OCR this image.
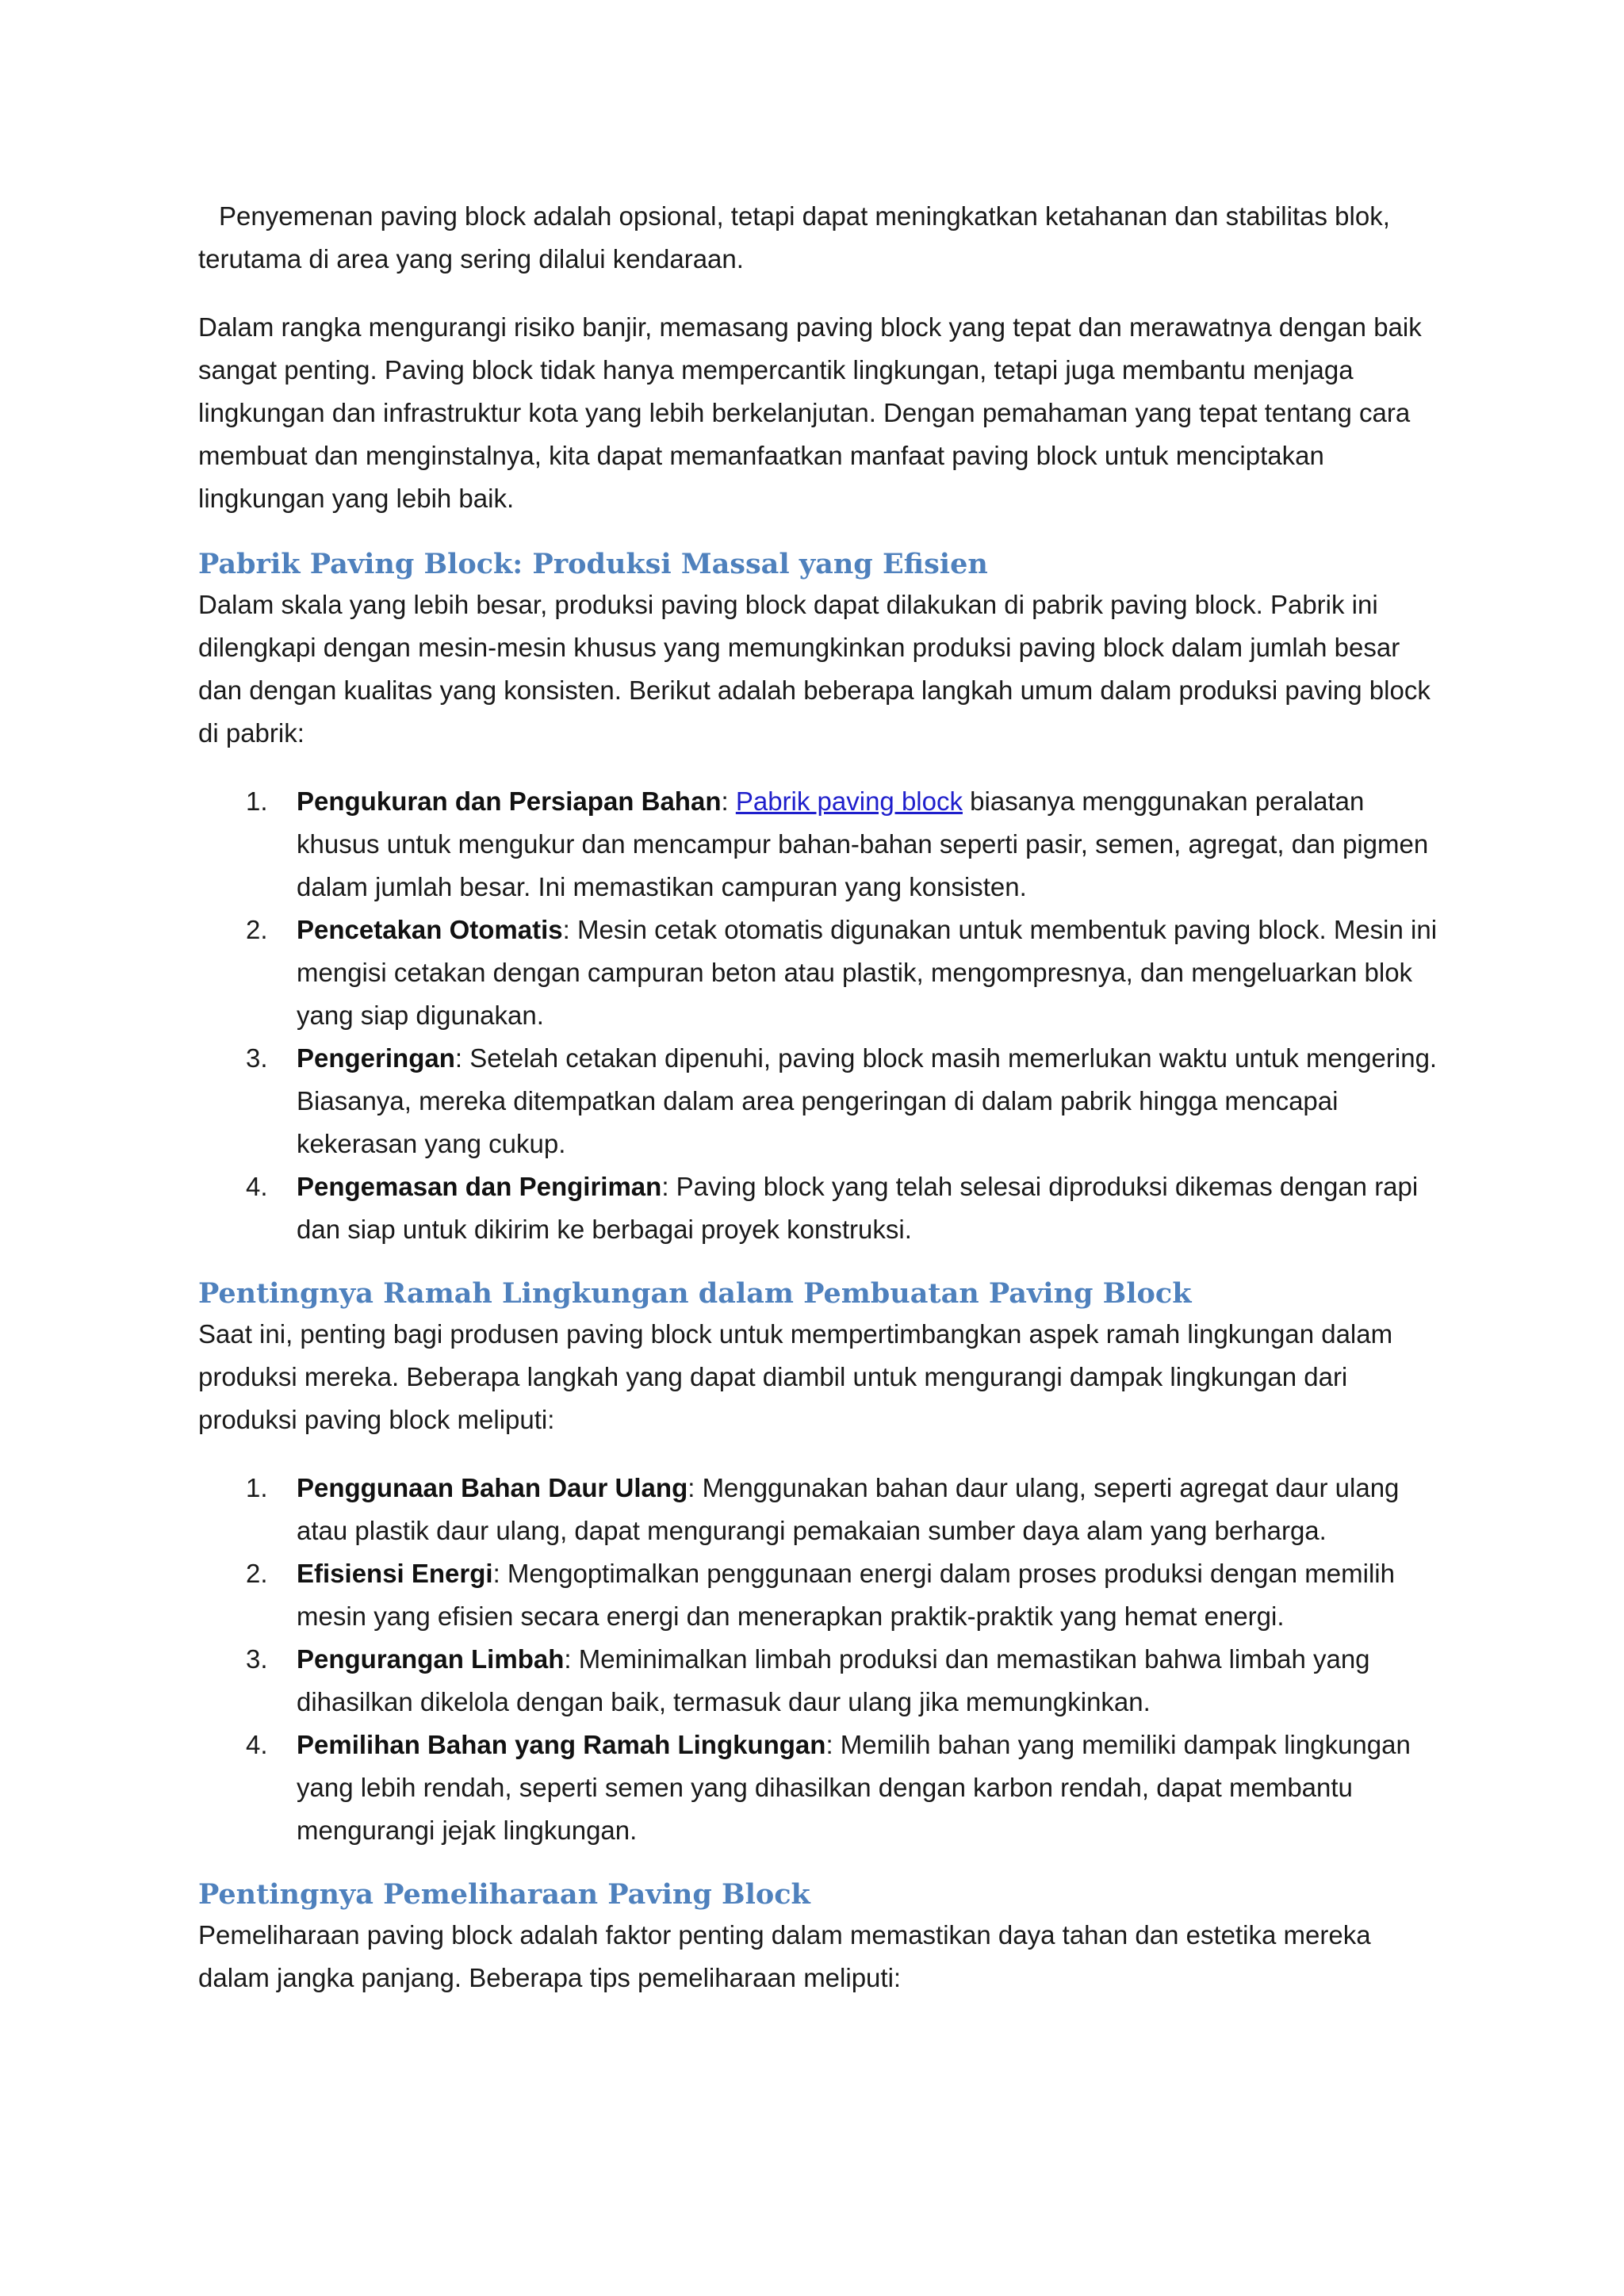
Penyemenan paving block adalah opsional, tetapi dapat meningkatkan ketahanan dan stabilitas blok, terutama di area yang sering dilalui kendaraan.

Dalam rangka mengurangi risiko banjir, memasang paving block yang tepat dan merawatnya dengan baik sangat penting. Paving block tidak hanya mempercantik lingkungan, tetapi juga membantu menjaga lingkungan dan infrastruktur kota yang lebih berkelanjutan. Dengan pemahaman yang tepat tentang cara membuat dan menginstalnya, kita dapat memanfaatkan manfaat paving block untuk menciptakan lingkungan yang lebih baik.

Pabrik Paving Block: Produksi Massal yang Efisien

Dalam skala yang lebih besar, produksi paving block dapat dilakukan di pabrik paving block. Pabrik ini dilengkapi dengan mesin-mesin khusus yang memungkinkan produksi paving block dalam jumlah besar dan dengan kualitas yang konsisten. Berikut adalah beberapa langkah umum dalam produksi paving block di pabrik:

1. Pengukuran dan Persiapan Bahan: Pabrik paving block biasanya menggunakan peralatan khusus untuk mengukur dan mencampur bahan-bahan seperti pasir, semen, agregat, dan pigmen dalam jumlah besar. Ini memastikan campuran yang konsisten.
2. Pencetakan Otomatis: Mesin cetak otomatis digunakan untuk membentuk paving block. Mesin ini mengisi cetakan dengan campuran beton atau plastik, mengompresnya, dan mengeluarkan blok yang siap digunakan.
3. Pengeringan: Setelah cetakan dipenuhi, paving block masih memerlukan waktu untuk mengering. Biasanya, mereka ditempatkan dalam area pengeringan di dalam pabrik hingga mencapai kekerasan yang cukup.
4. Pengemasan dan Pengiriman: Paving block yang telah selesai diproduksi dikemas dengan rapi dan siap untuk dikirim ke berbagai proyek konstruksi.
Pentingnya Ramah Lingkungan dalam Pembuatan Paving Block

Saat ini, penting bagi produsen paving block untuk mempertimbangkan aspek ramah lingkungan dalam produksi mereka. Beberapa langkah yang dapat diambil untuk mengurangi dampak lingkungan dari produksi paving block meliputi:

1. Penggunaan Bahan Daur Ulang: Menggunakan bahan daur ulang, seperti agregat daur ulang atau plastik daur ulang, dapat mengurangi pemakaian sumber daya alam yang berharga.
2. Efisiensi Energi: Mengoptimalkan penggunaan energi dalam proses produksi dengan memilih mesin yang efisien secara energi dan menerapkan praktik-praktik yang hemat energi.
3. Pengurangan Limbah: Meminimalkan limbah produksi dan memastikan bahwa limbah yang dihasilkan dikelola dengan baik, termasuk daur ulang jika memungkinkan.
4. Pemilihan Bahan yang Ramah Lingkungan: Memilih bahan yang memiliki dampak lingkungan yang lebih rendah, seperti semen yang dihasilkan dengan karbon rendah, dapat membantu mengurangi jejak lingkungan.
Pentingnya Pemeliharaan Paving Block

Pemeliharaan paving block adalah faktor penting dalam memastikan daya tahan dan estetika mereka dalam jangka panjang. Beberapa tips pemeliharaan meliputi:
